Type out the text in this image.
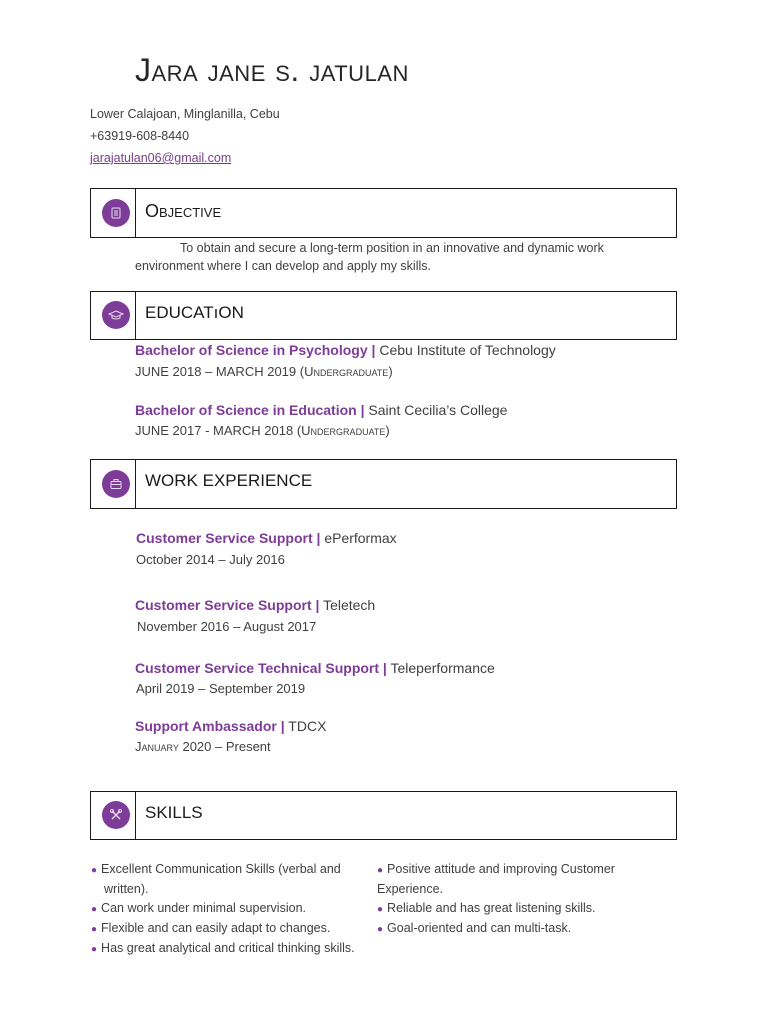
Jara jane s. jatulan
Lower Calajoan, Minglanilla, Cebu
+63919-608-8440
jarajatulan06@gmail.com
Objective
To obtain and secure a long-term position in an innovative and dynamic work environment where I can develop and apply my skills.
EDUCATıON
Bachelor of Science in Psychology | Cebu Institute of Technology
JUNE 2018 – MARCH 2019 (Undergraduate)
Bachelor of Science in Education | Saint Cecilia’s College
JUNE 2017 - MARCH 2018 (Undergraduate)
WORK EXPERIENCE
Customer Service Support | ePerformax
October 2014 – July 2016
Customer Service Support | Teletech
November 2016 – August 2017
Customer Service Technical Support | Teleperformance
April 2019 – September 2019
Support Ambassador | TDCX
January 2020 – Present
SKILLS
● Excellent Communication Skills (verbal and written).
● Can work under minimal supervision.
● Flexible and can easily adapt to changes.
● Has great analytical and critical thinking skills.
● Positive attitude and improving Customer Experience.
● Reliable and has great listening skills.
● Goal-oriented and can multi-task.
